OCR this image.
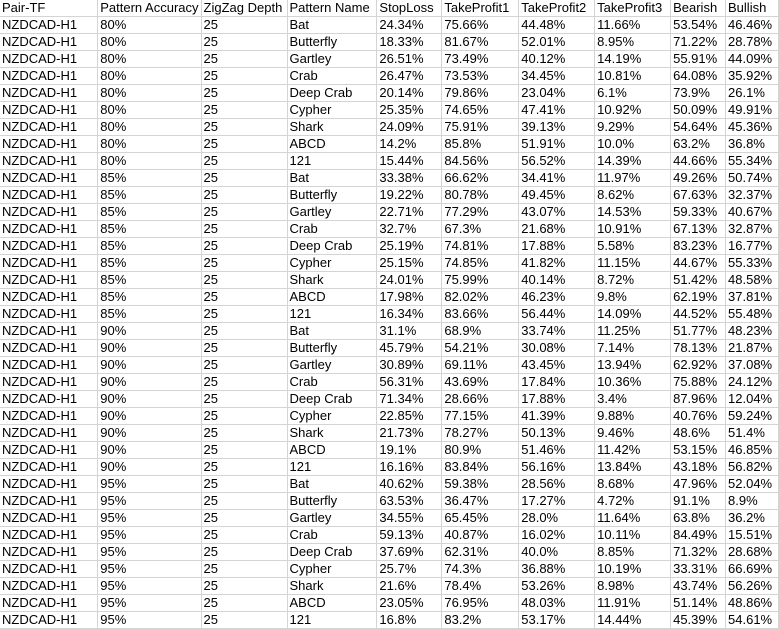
Pair-TF	Pattern Accuracy	ZigZag Depth	Pattern Name	StopLoss	TakeProfit1	TakeProfit2	TakeProfit3	Bearish	Bullish
NZDCAD-H1	80%	25	Bat	24.34%	75.66%	44.48%	11.66%	53.54%	46.46%
NZDCAD-H1	80%	25	Butterfly	18.33%	81.67%	52.01%	8.95%	71.22%	28.78%
NZDCAD-H1	80%	25	Gartley	26.51%	73.49%	40.12%	14.19%	55.91%	44.09%
NZDCAD-H1	80%	25	Crab	26.47%	73.53%	34.45%	10.81%	64.08%	35.92%
NZDCAD-H1	80%	25	Deep Crab	20.14%	79.86%	23.04%	6.1%	73.9%	26.1%
NZDCAD-H1	80%	25	Cypher	25.35%	74.65%	47.41%	10.92%	50.09%	49.91%
NZDCAD-H1	80%	25	Shark	24.09%	75.91%	39.13%	9.29%	54.64%	45.36%
NZDCAD-H1	80%	25	ABCD	14.2%	85.8%	51.91%	10.0%	63.2%	36.8%
NZDCAD-H1	80%	25	121	15.44%	84.56%	56.52%	14.39%	44.66%	55.34%
NZDCAD-H1	85%	25	Bat	33.38%	66.62%	34.41%	11.97%	49.26%	50.74%
NZDCAD-H1	85%	25	Butterfly	19.22%	80.78%	49.45%	8.62%	67.63%	32.37%
NZDCAD-H1	85%	25	Gartley	22.71%	77.29%	43.07%	14.53%	59.33%	40.67%
NZDCAD-H1	85%	25	Crab	32.7%	67.3%	21.68%	10.91%	67.13%	32.87%
NZDCAD-H1	85%	25	Deep Crab	25.19%	74.81%	17.88%	5.58%	83.23%	16.77%
NZDCAD-H1	85%	25	Cypher	25.15%	74.85%	41.82%	11.15%	44.67%	55.33%
NZDCAD-H1	85%	25	Shark	24.01%	75.99%	40.14%	8.72%	51.42%	48.58%
NZDCAD-H1	85%	25	ABCD	17.98%	82.02%	46.23%	9.8%	62.19%	37.81%
NZDCAD-H1	85%	25	121	16.34%	83.66%	56.44%	14.09%	44.52%	55.48%
NZDCAD-H1	90%	25	Bat	31.1%	68.9%	33.74%	11.25%	51.77%	48.23%
NZDCAD-H1	90%	25	Butterfly	45.79%	54.21%	30.08%	7.14%	78.13%	21.87%
NZDCAD-H1	90%	25	Gartley	30.89%	69.11%	43.45%	13.94%	62.92%	37.08%
NZDCAD-H1	90%	25	Crab	56.31%	43.69%	17.84%	10.36%	75.88%	24.12%
NZDCAD-H1	90%	25	Deep Crab	71.34%	28.66%	17.88%	3.4%	87.96%	12.04%
NZDCAD-H1	90%	25	Cypher	22.85%	77.15%	41.39%	9.88%	40.76%	59.24%
NZDCAD-H1	90%	25	Shark	21.73%	78.27%	50.13%	9.46%	48.6%	51.4%
NZDCAD-H1	90%	25	ABCD	19.1%	80.9%	51.46%	11.42%	53.15%	46.85%
NZDCAD-H1	90%	25	121	16.16%	83.84%	56.16%	13.84%	43.18%	56.82%
NZDCAD-H1	95%	25	Bat	40.62%	59.38%	28.56%	8.68%	47.96%	52.04%
NZDCAD-H1	95%	25	Butterfly	63.53%	36.47%	17.27%	4.72%	91.1%	8.9%
NZDCAD-H1	95%	25	Gartley	34.55%	65.45%	28.0%	11.64%	63.8%	36.2%
NZDCAD-H1	95%	25	Crab	59.13%	40.87%	16.02%	10.11%	84.49%	15.51%
NZDCAD-H1	95%	25	Deep Crab	37.69%	62.31%	40.0%	8.85%	71.32%	28.68%
NZDCAD-H1	95%	25	Cypher	25.7%	74.3%	36.88%	10.19%	33.31%	66.69%
NZDCAD-H1	95%	25	Shark	21.6%	78.4%	53.26%	8.98%	43.74%	56.26%
NZDCAD-H1	95%	25	ABCD	23.05%	76.95%	48.03%	11.91%	51.14%	48.86%
NZDCAD-H1	95%	25	121	16.8%	83.2%	53.17%	14.44%	45.39%	54.61%
